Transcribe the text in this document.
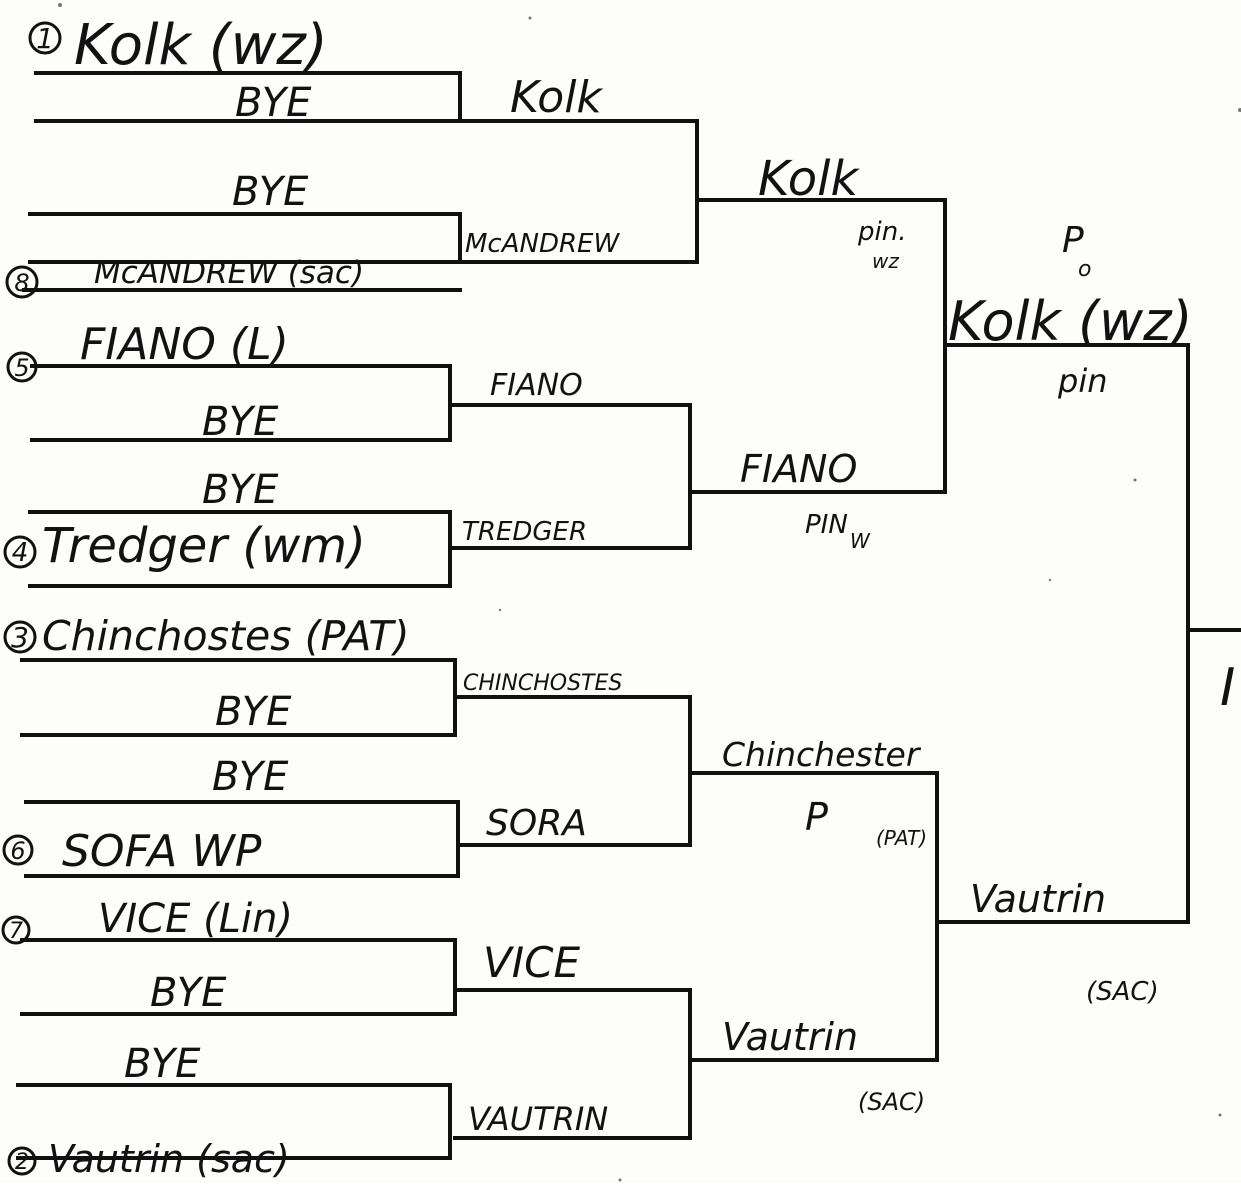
1 Kolk (wz)
BYE
BYE
8 McANDREW (sac)
5 FIANO (L)
BYE
BYE
4 Tredger (wm)
3 Chinchostes (PAT)
BYE
BYE
6 SOFA WP
7 VICE (Lin)
BYE
BYE
2 Vautrin (sac)
Kolk
McANDREW
FIANO
TREDGER
CHINCHOSTES
SORA
VICE
VAUTRIN
Kolk
pin.
wz
FIANO
PIN
W
Chinchester
P (PAT)
Vautrin
(SAC)
P
o
Kolk (wz)
pin
Vautrin
(SAC)
I
